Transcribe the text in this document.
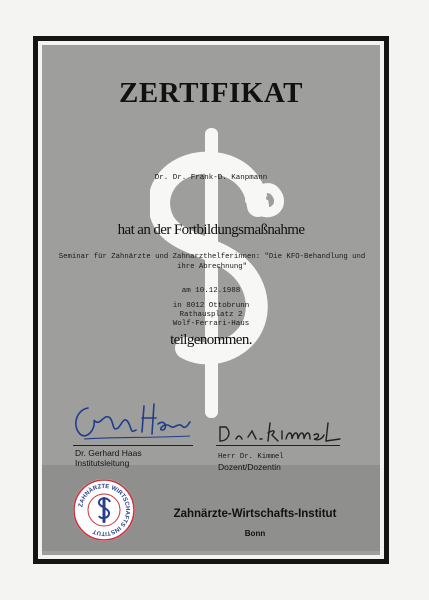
ZERTIFIKAT
Dr. Dr. Frank-D. Kanpmann
hat an der Fortbildungsmaßnahme
Seminar für Zahnärzte und Zahnarzthelferinnen: "Die KFO-Behandlung und ihre Abrechnung"
am 10.12.1988
in 8012 Ottobrunn
Rathausplatz 2
Wolf-Ferrari-Haus
teilgenommen.
Dr. Gerhard Haas
Institutsleitung
Herr Dr. Kimmel
Dozent/Dozentin
ZAHNÄRZTE WIRTSCHAFTS INSTITUT
Zahnärzte-Wirtschafts-Institut
Bonn
